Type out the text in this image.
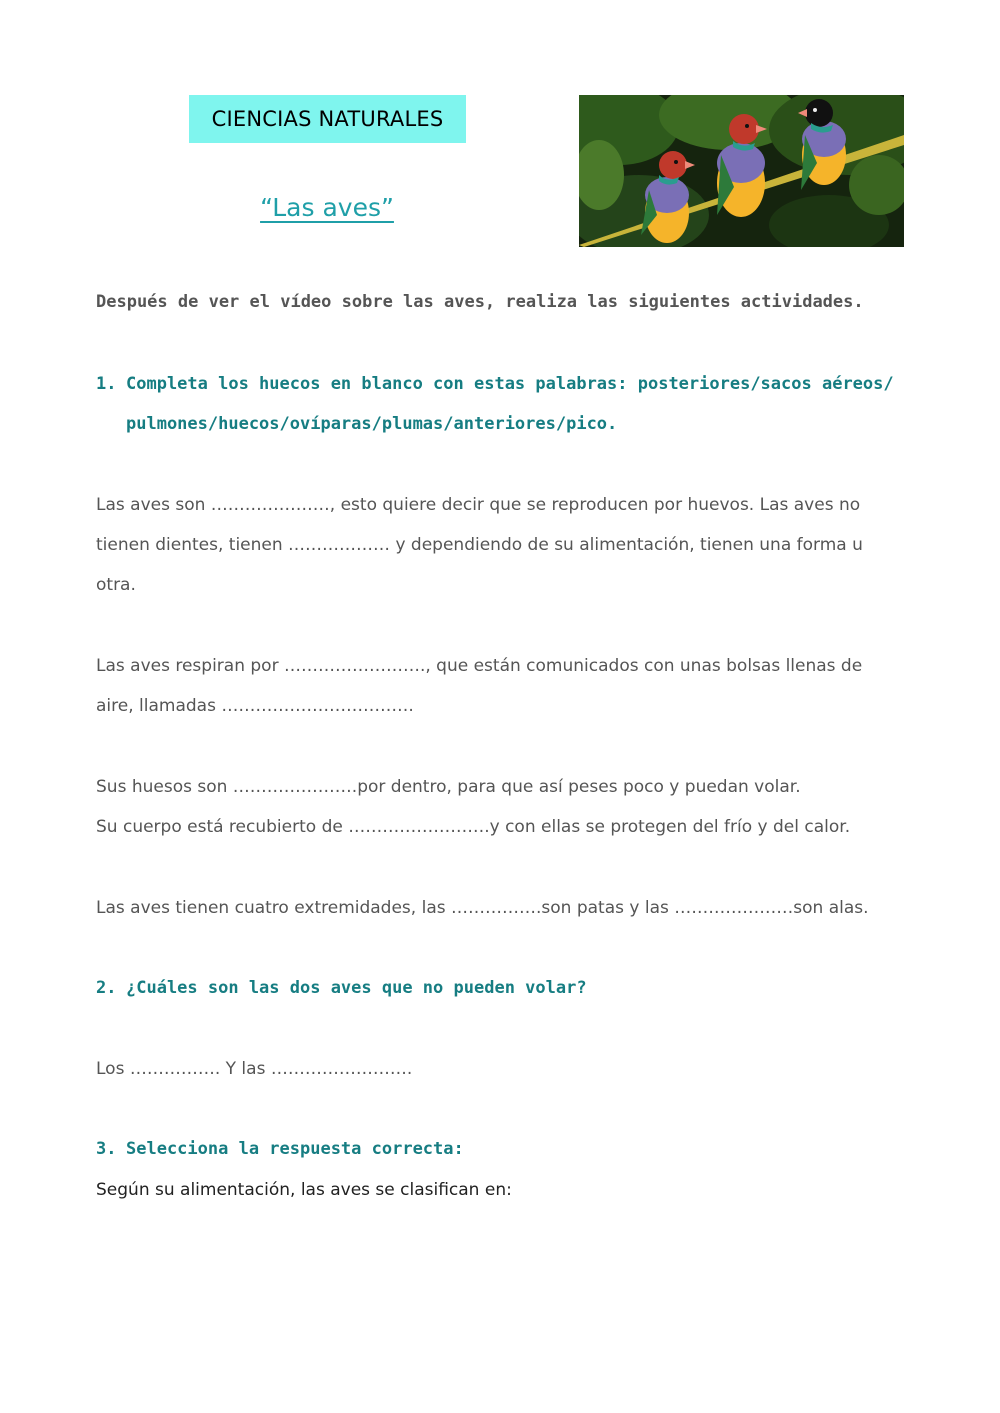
CIENCIAS NATURALES
“Las aves”
Después de ver el vídeo sobre las aves, realiza las siguientes actividades.
1. Completa los huecos en blanco con estas palabras: posteriores/sacos aéreos/
pulmones/huecos/ovíparas/plumas/anteriores/pico.
Las aves son …………………, esto quiere decir que se reproducen por huevos. Las aves no
tienen dientes, tienen ……………… y dependiendo de su alimentación, tienen una forma u
otra.
Las aves respiran por ……………………., que están comunicados con unas bolsas llenas de
aire, llamadas …………………………….
Sus huesos son ………………….por dentro, para que así peses poco y puedan volar.
Su cuerpo está recubierto de …………………….y con ellas se protegen del frío y del calor.
Las aves tienen cuatro extremidades, las …………….son patas y las …………………son alas.
2. ¿Cuáles son las dos aves que no pueden volar?
Los ……………. Y las …………………….
3. Selecciona la respuesta correcta:
Según su alimentación, las aves se clasifican en:
